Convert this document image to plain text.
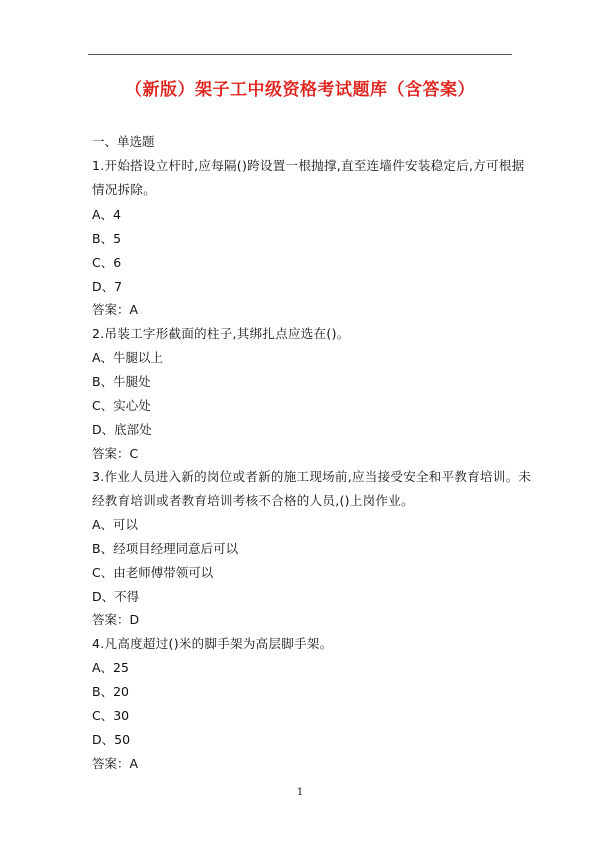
（新版）架子工中级资格考试题库（含答案）
一、单选题
1.开始搭设立杆时,应每隔()跨设置一根抛撑,直至连墙件安装稳定后,方可根据
情况拆除。
A、4
B、5
C、6
D、7
答案：A
2.吊装工字形截面的柱子,其绑扎点应选在()。
A、牛腿以上
B、牛腿处
C、实心处
D、底部处
答案：C
3.作业人员进入新的岗位或者新的施工现场前,应当接受安全和平教育培训。未
经教育培训或者教育培训考核不合格的人员,()上岗作业。
A、可以
B、经项目经理同意后可以
C、由老师傅带领可以
D、不得
答案：D
4.凡高度超过()米的脚手架为高层脚手架。
A、25
B、20
C、30
D、50
答案：A
1
